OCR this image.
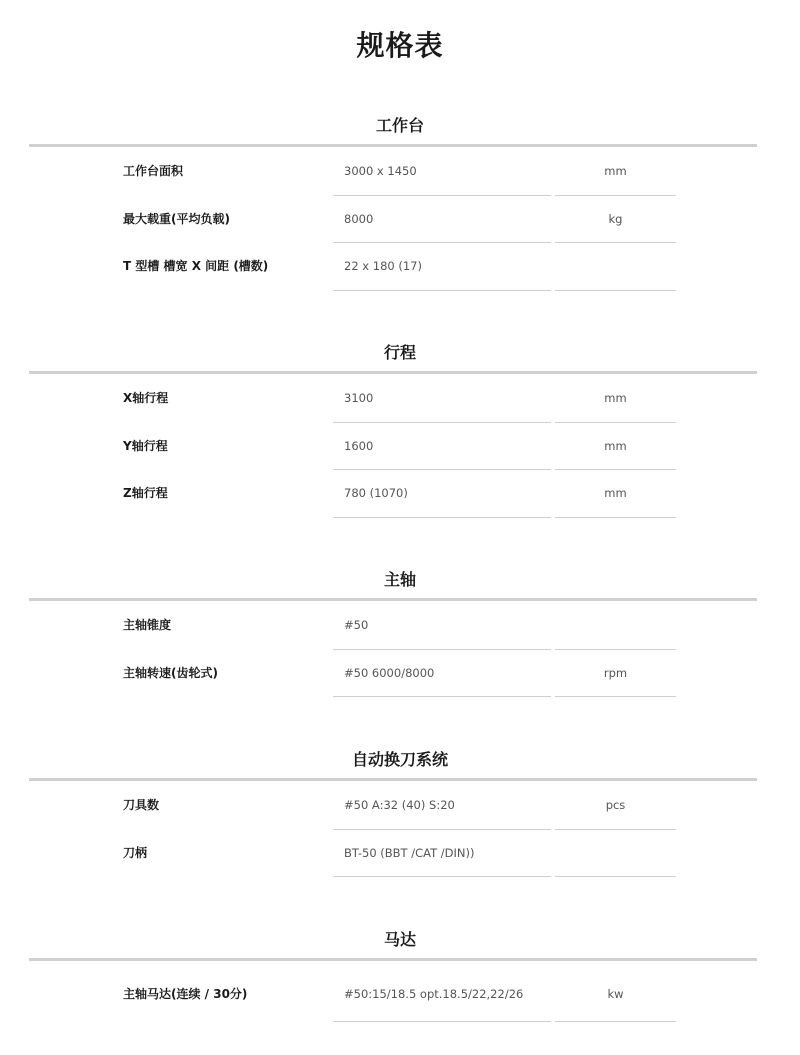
规格表
工作台
工作台面积	3000 x 1450	mm
最大载重(平均负载)	8000	kg
T 型槽 槽宽 X 间距 (槽数)	22 x 180 (17)
行程
X轴行程	3100	mm
Y轴行程	1600	mm
Z轴行程	780 (1070)	mm
主轴
主轴锥度	#50
主轴转速(齿轮式)	#50 6000/8000	rpm
自动换刀系统
刀具数	#50 A:32 (40) S:20	pcs
刀柄	BT-50 (BBT /CAT /DIN))
马达
主轴马达(连续 / 30分)	#50:15/18.5 opt.18.5/22,22/26	kw
